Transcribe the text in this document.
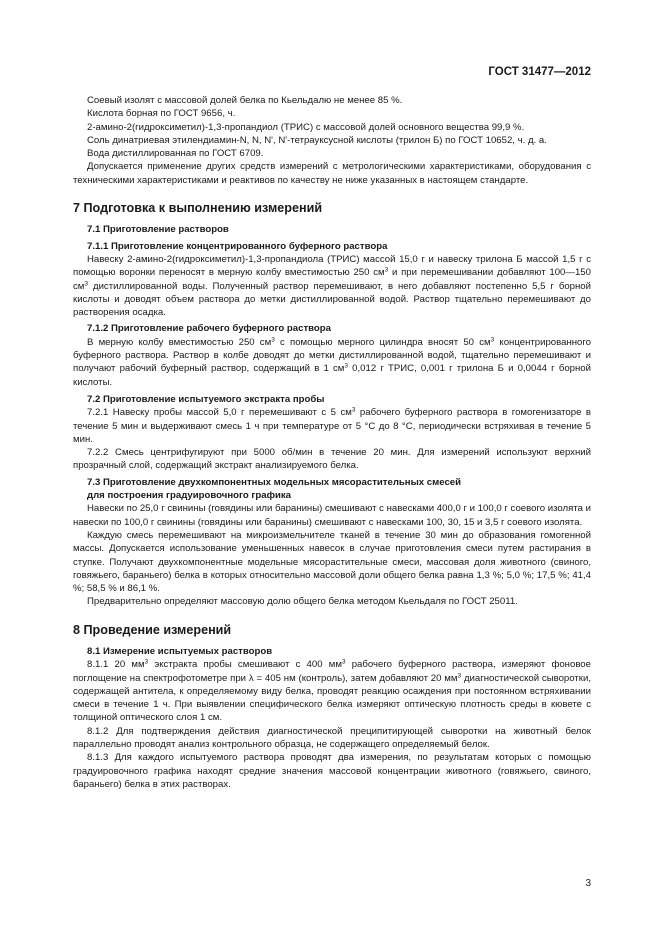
ГОСТ 31477—2012

Соевый изолят с массовой долей белка по Кьельдалю не менее 85 %.

Кислота борная по ГОСТ 9656, ч.

2-амино-2(гидроксиметил)-1,3-пропандиол (ТРИС) с массовой долей основного вещества 99,9 %.

Соль динатриевая этилендиамин-N, N, N', N'-тетрауксусной кислоты (трилон Б) по ГОСТ 10652, ч. д. а.

Вода дистиллированная по ГОСТ 6709.

Допускается применение других средств измерений с метрологическими характеристиками, оборудования с техническими характеристиками и реактивов по качеству не ниже указанных в настоящем стандарте.

7 Подготовка к выполнению измерений
7.1 Приготовление растворов
7.1.1 Приготовление концентрированного буферного раствора

Навеску 2-амино-2(гидроксиметил)-1,3-пропандиола (ТРИС) массой 15,0 г и навеску трилона Б массой 1,5 г с помощью воронки переносят в мерную колбу вместимостью 250 $см^3$ и при перемешивании добавляют 100—150 $см^3$ дистиллированной воды. Полученный раствор перемешивают, в него добавляют постепенно 5,5 г борной кислоты и доводят объем раствора до метки дистиллированной водой. Раствор тщательно перемешивают до растворения осадка.

7.1.2 Приготовление рабочего буферного раствора

В мерную колбу вместимостью 250 $см^3$ с помощью мерного цилиндра вносят 50 $см^3$ концентрированного буферного раствора. Раствор в колбе доводят до метки дистиллированной водой, тщательно перемешивают и получают рабочий буферный раствор, содержащий в 1 $см^3$ 0,012 г ТРИС, 0,001 г трилона Б и 0,0044 г борной кислоты.

7.2 Приготовление испытуемого экстракта пробы

7.2.1 Навеску пробы массой 5,0 г перемешивают с 5 $см^3$ рабочего буферного раствора в гомогенизаторе в течение 5 мин и выдерживают смесь 1 ч при температуре от 5 °С до 8 °С, периодически встряхивая в течение 5 мин.

7.2.2 Смесь центрифугируют при 5000 об/мин в течение 20 мин. Для измерений используют верхний прозрачный слой, содержащий экстракт анализируемого белка.

7.3 Приготовление двухкомпонентных модельных мясорастительных смесей
для построения градуировочного графика

Навески по 25,0 г свинины (говядины или баранины) смешивают с навесками 400,0 г и 100,0 г соевого изолята и навески по 100,0 г свинины (говядины или баранины) смешивают с навесками 100, 30, 15 и 3,5 г соевого изолята.

Каждую смесь перемешивают на микроизмельчителе тканей в течение 30 мин до образования гомогенной массы. Допускается использование уменьшенных навесок в случае приготовления смеси путем растирания в ступке. Получают двухкомпонентные модельные мясорастительные смеси, массовая доля животного (свиного, говяжьего, бараньего) белка в которых относительно массовой доли общего белка равна 1,3 %; 5,0 %; 17,5 %; 41,4 %; 58,5 % и 86,1 %.

Предварительно определяют массовую долю общего белка методом Кьельдаля по ГОСТ 25011.

8 Проведение измерений
8.1 Измерение испытуемых растворов

8.1.1 20 $мм^3$ экстракта пробы смешивают с 400 $мм^3$ рабочего буферного раствора, измеряют фоновое поглощение на спектрофотометре при λ = 405 нм (контроль), затем добавляют 20 $мм^3$ диагностической сыворотки, содержащей антитела, к определяемому виду белка, проводят реакцию осаждения при постоянном встряхивании смеси в течение 1 ч. При выявлении специфического белка измеряют оптическую плотность среды в кювете с толщиной оптического слоя 1 см.

8.1.2 Для подтверждения действия диагностической преципитирующей сыворотки на животный белок параллельно проводят анализ контрольного образца, не содержащего определяемый белок.

8.1.3 Для каждого испытуемого раствора проводят два измерения, по результатам которых с помощью градуировочного графика находят средние значения массовой концентрации животного (говяжьего, свиного, бараньего) белка в этих растворах.

3
